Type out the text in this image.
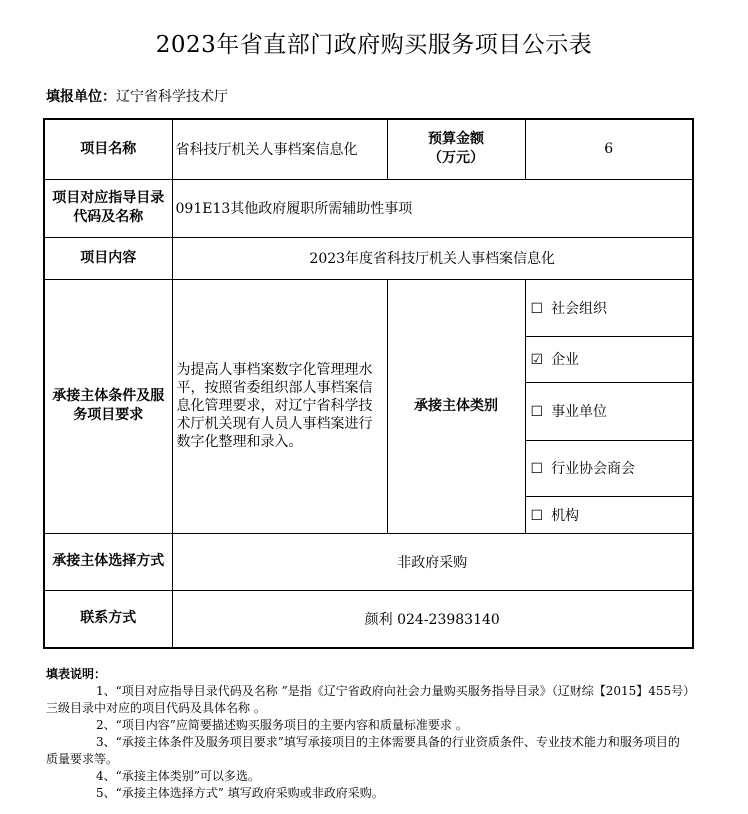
2023年省直部门政府购买服务项目公示表
填报单位：辽宁省科学技术厅
项目名称	省科技厅机关人事档案信息化	预算金额
（万元）	6
项目对应指导目录代码及名称	091E13其他政府履职所需辅助性事项		
项目内容	2023年度省科技厅机关人事档案信息化		
承接主体条件及服务项目要求	为提高人事档案数字化管理理水平，按照省委组织部人事档案信息化管理要求，对辽宁省科学技术厅机关现有人员人事档案进行数字化整理和录入。	承接主体类别	☐ 社会组织
			☑ 企业
			☐ 事业单位
			☐ 行业协会商会
			☐ 机构
承接主体选择方式	非政府采购		
联系方式	颜利 024-23983140		

填表说明：

1、“项目对应指导目录代码及名称 ”是指《辽宁省政府向社会力量购买服务指导目录》（辽财综【2015】455号）三级目录中对应的项目代码及具体名称 。

2、“项目内容”应简要描述购买服务项目的主要内容和质量标准要求 。

3、“承接主体条件及服务项目要求”填写承接项目的主体需要具备的行业资质条件、专业技术能力和服务项目的质量要求等。

4、“承接主体类别”可以多选。

5、“承接主体选择方式” 填写政府采购或非政府采购。
